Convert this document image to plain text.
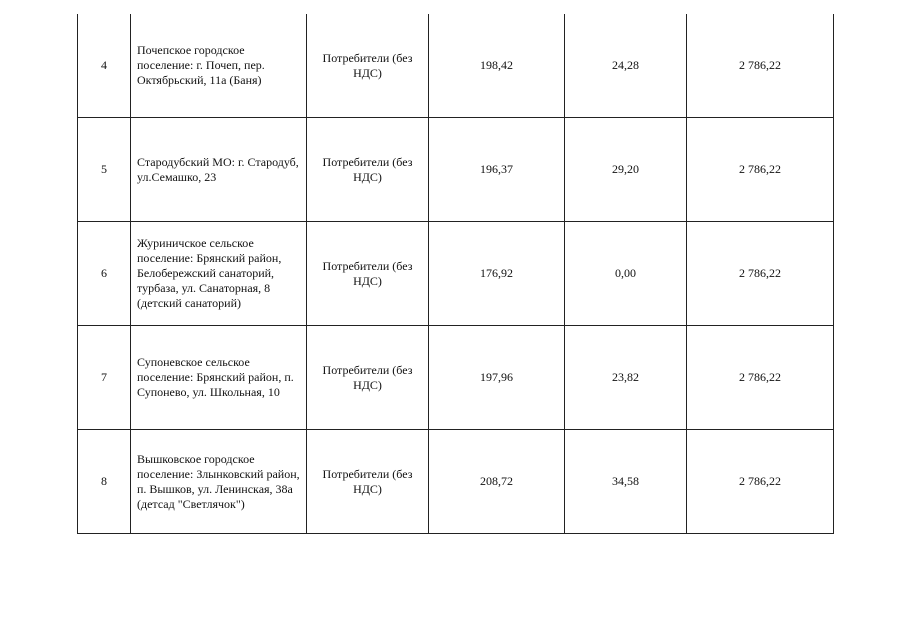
4	Почепское городское поселение: г. Почеп, пер. Октябрьский, 11а (Баня)	Потребители (без НДС)	198,42	24,28	2 786,22
5	Стародубский МО: г. Стародуб, ул.Семашко, 23	Потребители (без НДС)	196,37	29,20	2 786,22
6	Журиничское сельское поселение: Брянский район, Белобережский санаторий, турбаза, ул. Санаторная, 8 (детский санаторий)	Потребители (без НДС)	176,92	0,00	2 786,22
7	Супоневское сельское поселение: Брянский район, п. Супонево, ул. Школьная, 10	Потребители (без НДС)	197,96	23,82	2 786,22
8	Вышковское городское поселение: Злынковский район, п. Вышков, ул. Ленинская, 38а (детсад "Светлячок")	Потребители (без НДС)	208,72	34,58	2 786,22
